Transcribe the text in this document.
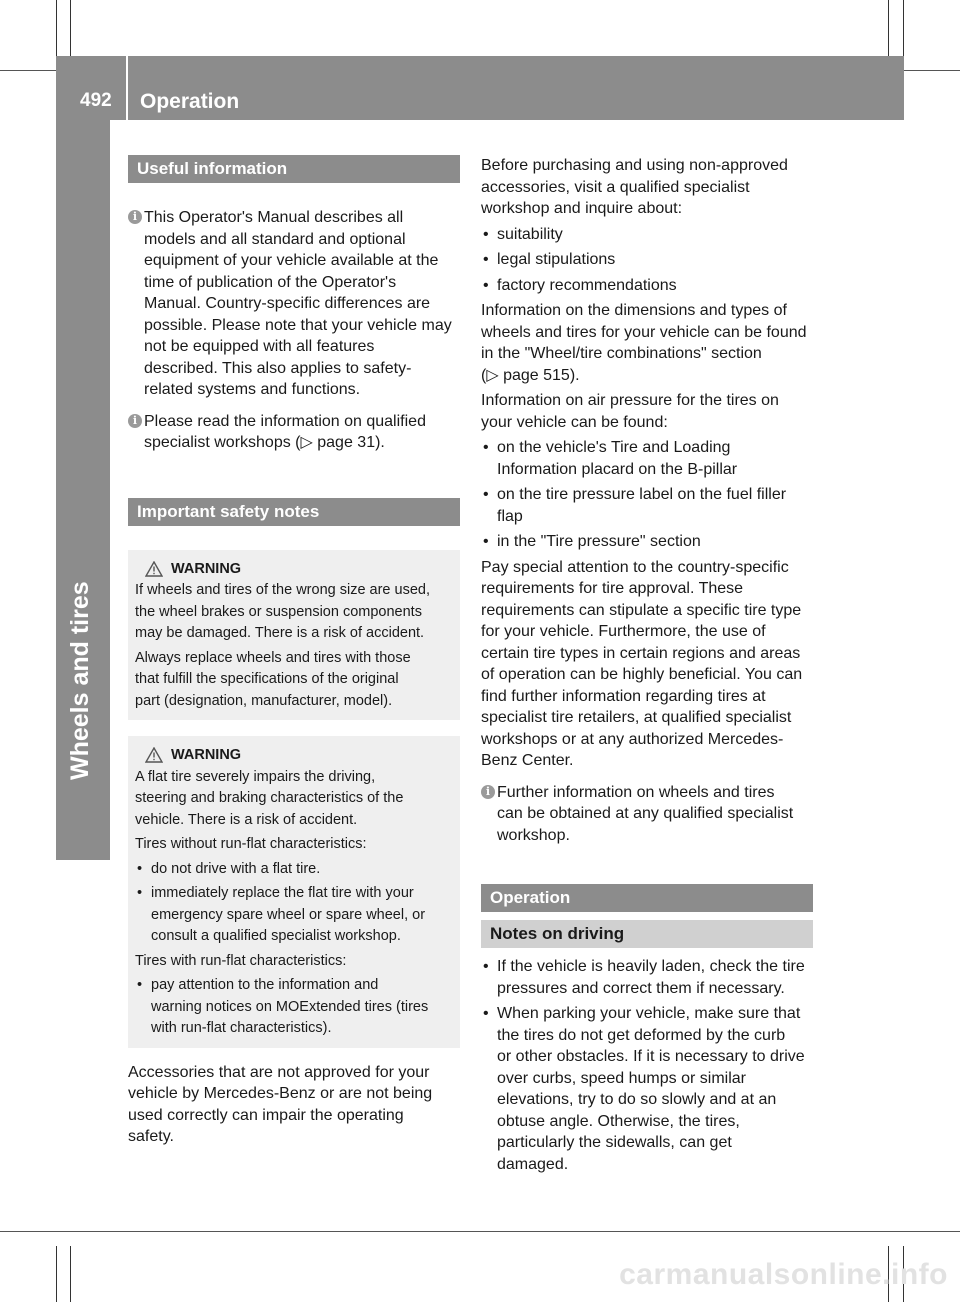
492 Operation
Wheels and tires
Useful information

i This Operator's Manual describes all
models and all standard and optional
equipment of your vehicle available at the
time of publication of the Operator's
Manual. Country-specific differences are
possible. Please note that your vehicle may
not be equipped with all features
described. This also applies to safety-
related systems and functions.

i Please read the information on qualified
specialist workshops (▷ page 31).

Important safety notes
WARNING

If wheels and tires of the wrong size are used,
the wheel brakes or suspension components
may be damaged. There is a risk of accident.

Always replace wheels and tires with those
that fulfill the specifications of the original
part (designation, manufacturer, model).

WARNING

A flat tire severely impairs the driving,
steering and braking characteristics of the
vehicle. There is a risk of accident.

Tires without run-flat characteristics:

• do not drive with a flat tire.

• immediately replace the flat tire with your
emergency spare wheel or spare wheel, or
consult a qualified specialist workshop.

Tires with run-flat characteristics:

• pay attention to the information and
warning notices on MOExtended tires (tires
with run-flat characteristics).

Accessories that are not approved for your
vehicle by Mercedes-Benz or are not being
used correctly can impair the operating
safety.

Before purchasing and using non-approved
accessories, visit a qualified specialist
workshop and inquire about:

• suitability

• legal stipulations

• factory recommendations

Information on the dimensions and types of
wheels and tires for your vehicle can be found
in the "Wheel/tire combinations" section
(▷ page 515).

Information on air pressure for the tires on
your vehicle can be found:

• on the vehicle's Tire and Loading
Information placard on the B-pillar

• on the tire pressure label on the fuel filler
flap

• in the "Tire pressure" section

Pay special attention to the country-specific
requirements for tire approval. These
requirements can stipulate a specific tire type
for your vehicle. Furthermore, the use of
certain tire types in certain regions and areas
of operation can be highly beneficial. You can
find further information regarding tires at
specialist tire retailers, at qualified specialist
workshops or at any authorized Mercedes-
Benz Center.

i Further information on wheels and tires
can be obtained at any qualified specialist
workshop.

Operation
Notes on driving

• If the vehicle is heavily laden, check the tire
pressures and correct them if necessary.

• When parking your vehicle, make sure that
the tires do not get deformed by the curb
or other obstacles. If it is necessary to drive
over curbs, speed humps or similar
elevations, try to do so slowly and at an
obtuse angle. Otherwise, the tires,
particularly the sidewalls, can get
damaged.

carmanualsonline.info
